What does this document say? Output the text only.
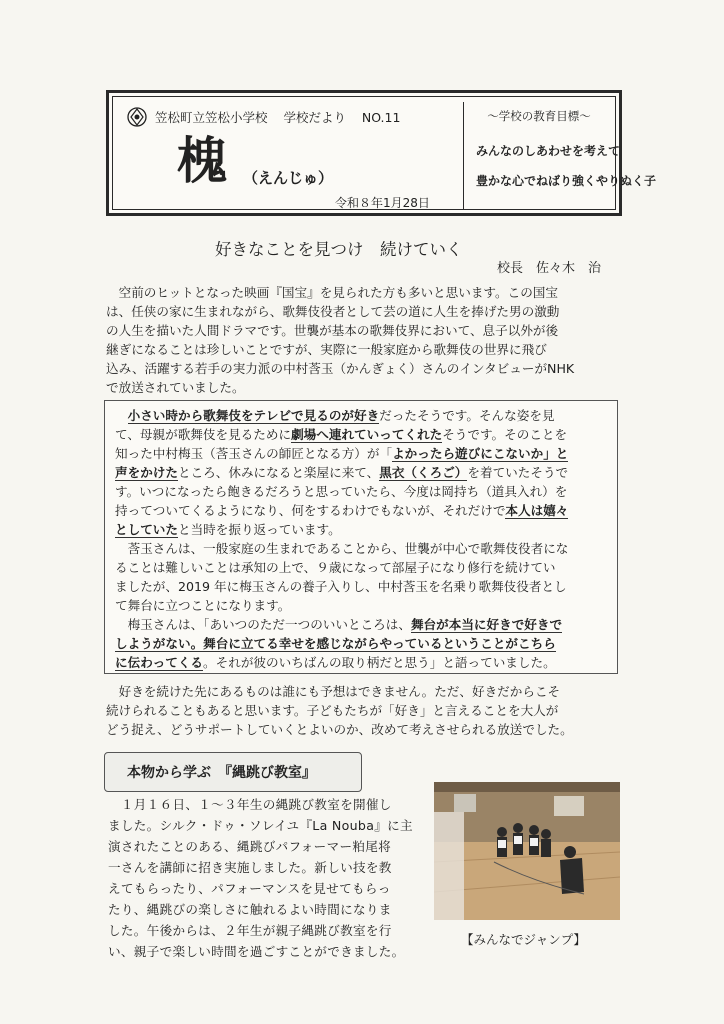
笠松町立笠松小学校 学校だより NO.11
槐 （えんじゅ）
令和８年1月28日
～学校の教育目標～
みんなのしあわせを考えて
豊かな心でねばり強くやりぬく子
好きなことを見つけ　続けていく
校長　佐々木　治
　空前のヒットとなった映画『国宝』を見られた方も多いと思います。この国宝
は、任侠の家に生まれながら、歌舞伎役者として芸の道に人生を捧げた男の激動
の人生を描いた人間ドラマです。世襲が基本の歌舞伎界において、息子以外が後
継ぎになることは珍しいことですが、実際に一般家庭から歌舞伎の世界に飛び
込み、活躍する若手の実力派の中村莟玉（かんぎょく）さんのインタビューがNHK
で放送されていました。
　小さい時から歌舞伎をテレビで見るのが好きだったそうです。そんな姿を見
て、母親が歌舞伎を見るために劇場へ連れていってくれたそうです。そのことを
知った中村梅玉（莟玉さんの師匠となる方）が「よかったら遊びにこないか」と
声をかけたところ、休みになると楽屋に来て、黒衣（くろご）を着ていたそうで
す。いつになったら飽きるだろうと思っていたら、今度は岡持ち（道具入れ）を
持ってついてくるようになり、何をするわけでもないが、それだけで本人は嬉々
としていたと当時を振り返っています。
　莟玉さんは、一般家庭の生まれであることから、世襲が中心で歌舞伎役者にな
ることは難しいことは承知の上で、９歳になって部屋子になり修行を続けてい
ましたが、2019 年に梅玉さんの養子入りし、中村莟玉を名乗り歌舞伎役者とし
て舞台に立つことになります。
　梅玉さんは、「あいつのただ一つのいいところは、舞台が本当に好きで好きで
しようがない。舞台に立てる幸せを感じながらやっているということがこちら
に伝わってくる。それが彼のいちばんの取り柄だと思う」と語っていました。
　好きを続けた先にあるものは誰にも予想はできません。ただ、好きだからこそ
続けられることもあると思います。子どもたちが「好き」と言えることを大人が
どう捉え、どうサポートしていくとよいのか、改めて考えさせられる放送でした。
本物から学ぶ　『縄跳び教室』
　１月１６日、１～３年生の縄跳び教室を開催し
ました。シルク・ドゥ・ソレイユ『La Nouba』に主
演されたことのある、縄跳びパフォーマー粕尾将
一さんを講師に招き実施しました。新しい技を教
えてもらったり、パフォーマンスを見せてもらっ
たり、縄跳びの楽しさに触れるよい時間になりま
した。午後からは、２年生が親子縄跳び教室を行
い、親子で楽しい時間を過ごすことができました。
【みんなでジャンプ】
